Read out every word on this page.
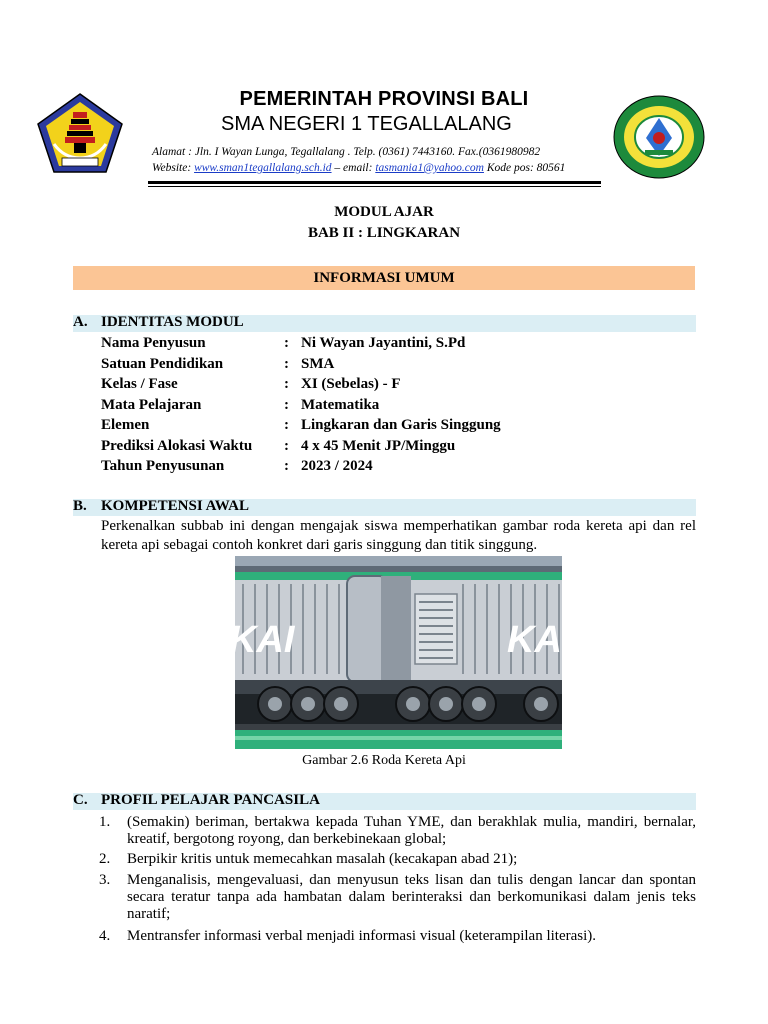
PEMERINTAH PROVINSI BALI
SMA NEGERI 1 TEGALLALANG
Alamat : Jln. I Wayan Lunga, Tegallalang . Telp. (0361) 7443160. Fax.(0361980982
Website: www.sman1tegallalang.sch.id – email: tasmania1@yahoo.com Kode pos: 80561
MODUL AJAR
BAB II : LINGKARAN
INFORMASI UMUM
A. IDENTITAS MODUL
Nama Penyusun	: Ni Wayan Jayantini, S.Pd
Satuan Pendidikan	: SMA
Kelas / Fase	: XI (Sebelas) - F
Mata Pelajaran	: Matematika
Elemen	: Lingkaran dan Garis Singgung
Prediksi Alokasi Waktu : 4 x 45 Menit JP/Minggu
Tahun Penyusunan	: 2023 / 2024
B. KOMPETENSI AWAL
Perkenalkan subbab ini dengan mengajak siswa memperhatikan gambar roda kereta api dan rel kereta api sebagai contoh konkret dari garis singgung dan titik singgung.
KAI	KAI
Gambar 2.6 Roda Kereta Api
C. PROFIL PELAJAR PANCASILA
1. (Semakin) beriman, bertakwa kepada Tuhan YME, dan berakhlak mulia, mandiri, bernalar, kreatif, bergotong royong, dan berkebinekaan global;
2. Berpikir kritis untuk memecahkan masalah (kecakapan abad 21);
3. Menganalisis, mengevaluasi, dan menyusun teks lisan dan tulis dengan lancar dan spontan secara teratur tanpa ada hambatan dalam berinteraksi dan berkomunikasi dalam jenis teks naratif;
4. Mentransfer informasi verbal menjadi informasi visual (keterampilan literasi).
